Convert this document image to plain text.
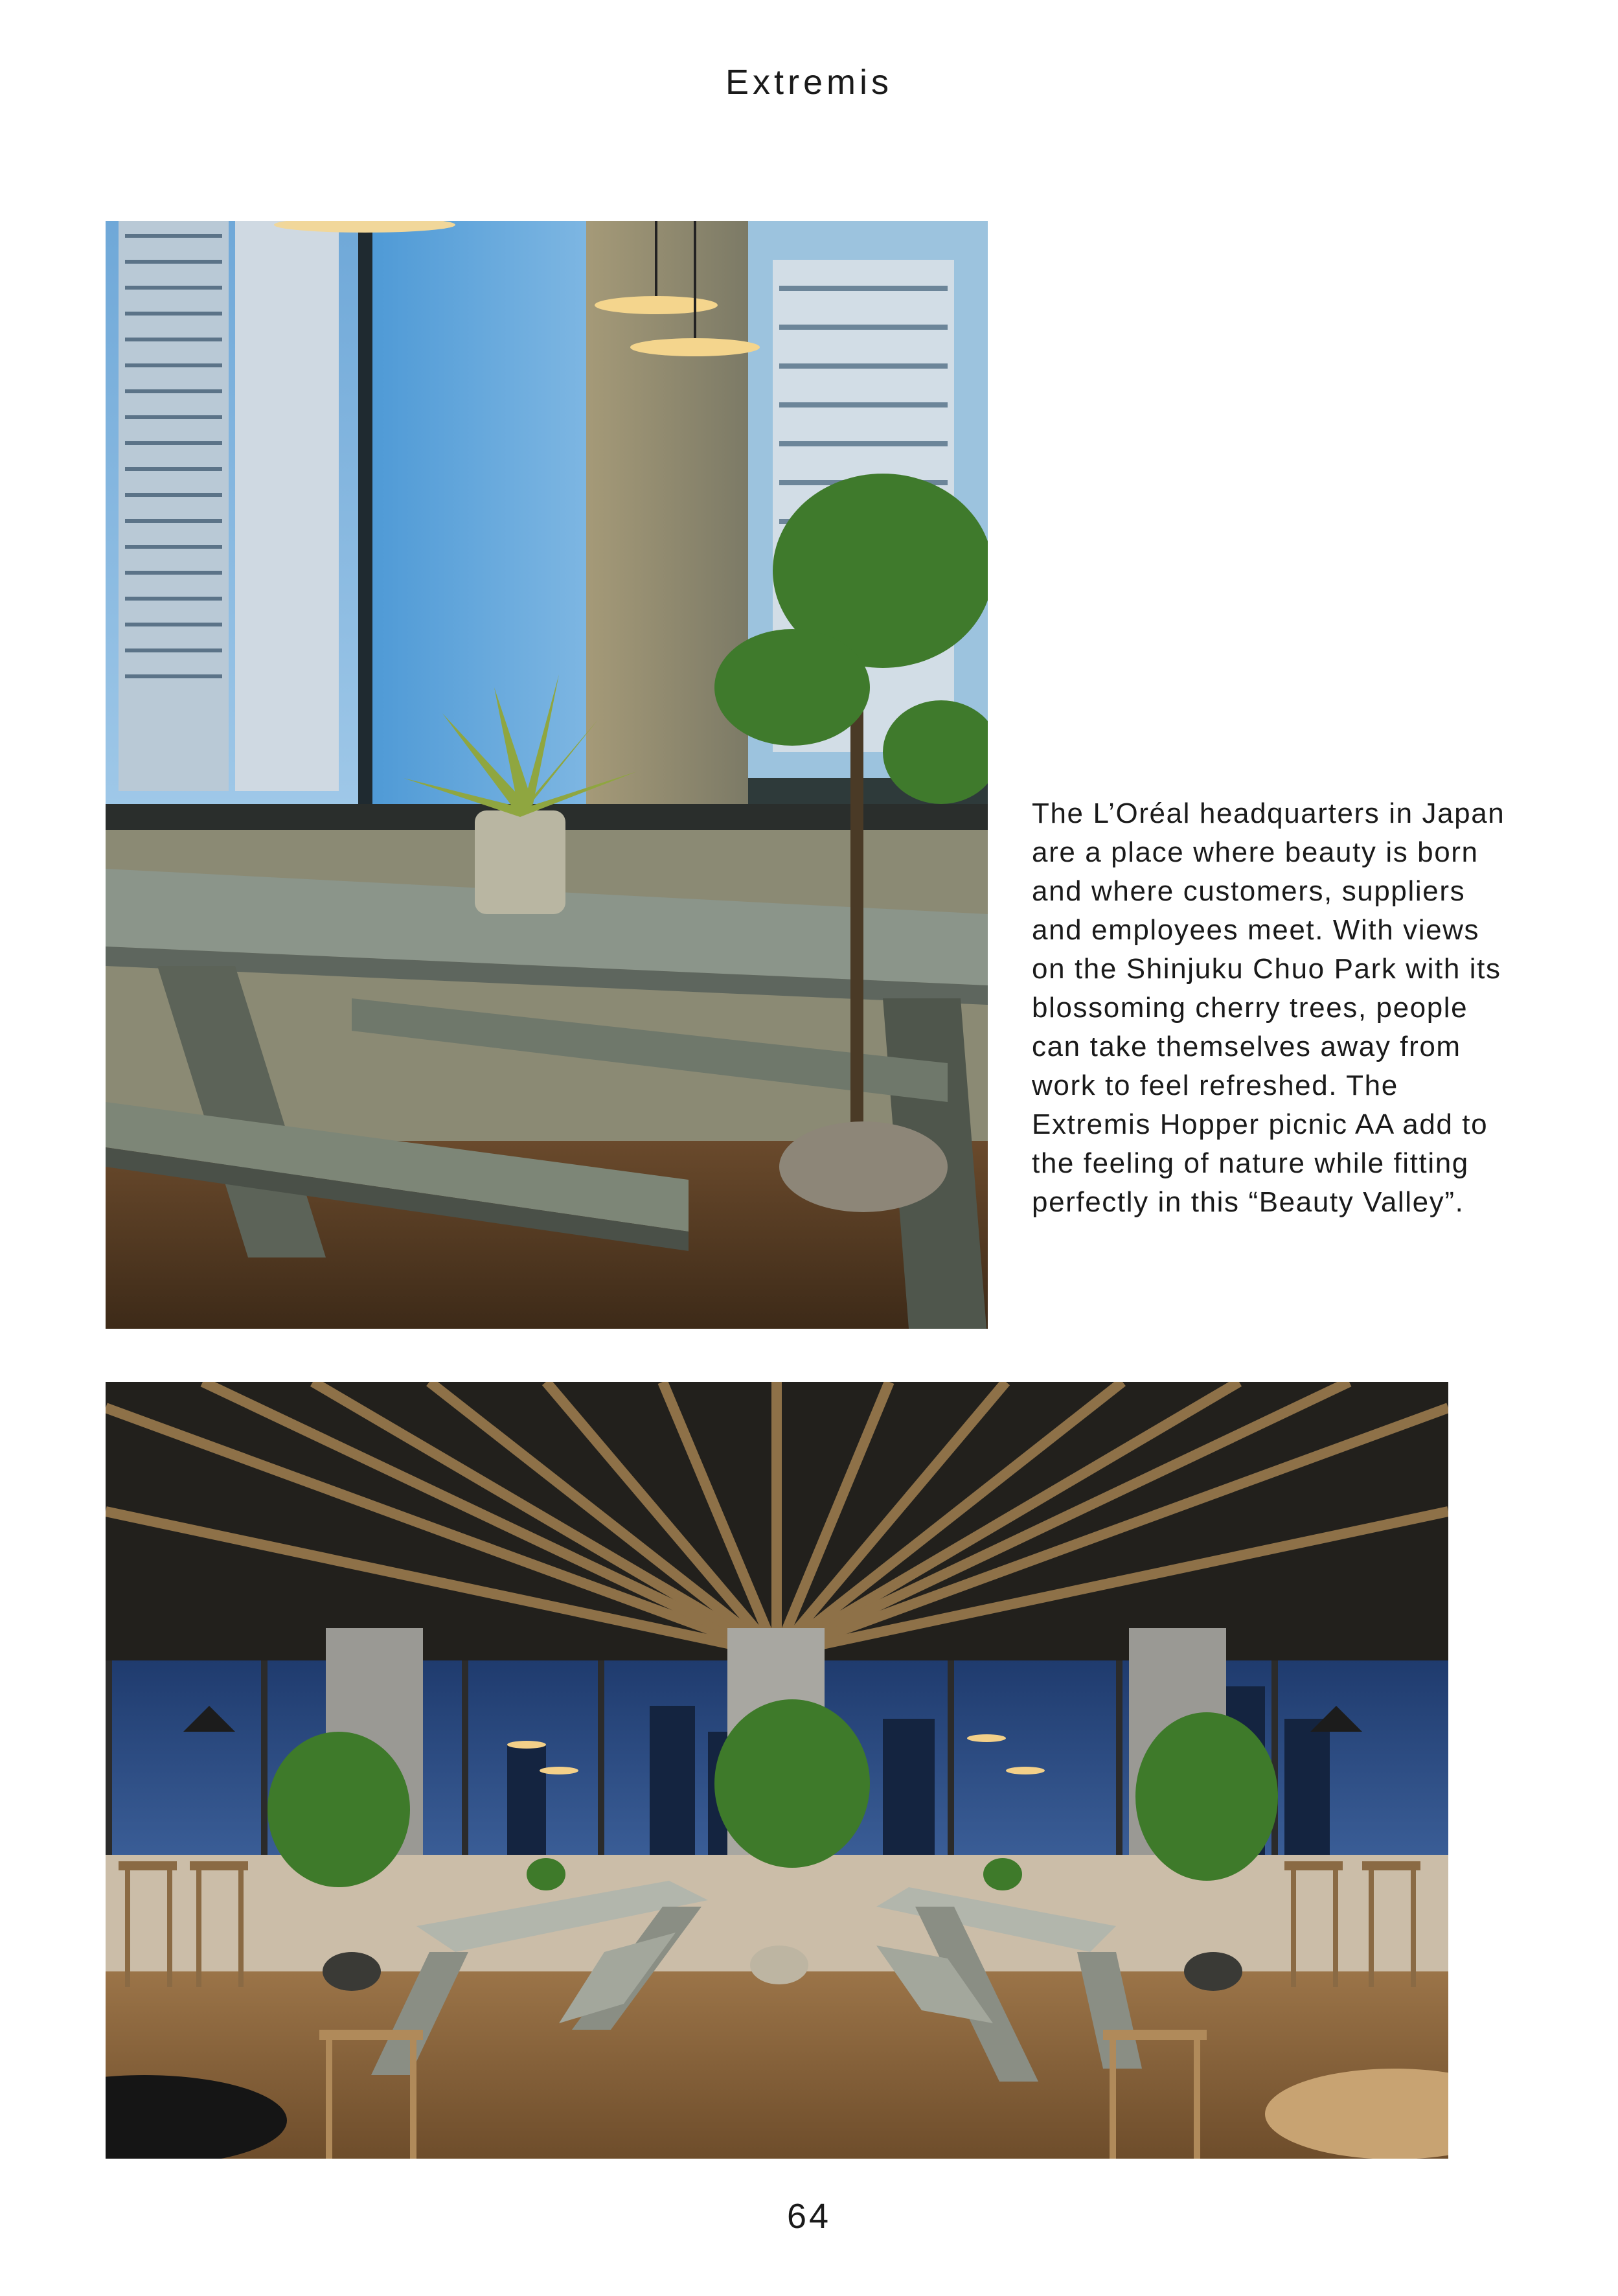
Extremis

The L’Oréal headquarters in Japan are a place where beauty is born and where customers, suppliers and employees meet. With views on the Shinjuku Chuo Park with its blossoming cherry trees, people can take themselves away from work to feel refreshed. The Extremis Hopper picnic AA add to the feeling of nature while fitting perfectly in this “Beauty Valley”.

64
